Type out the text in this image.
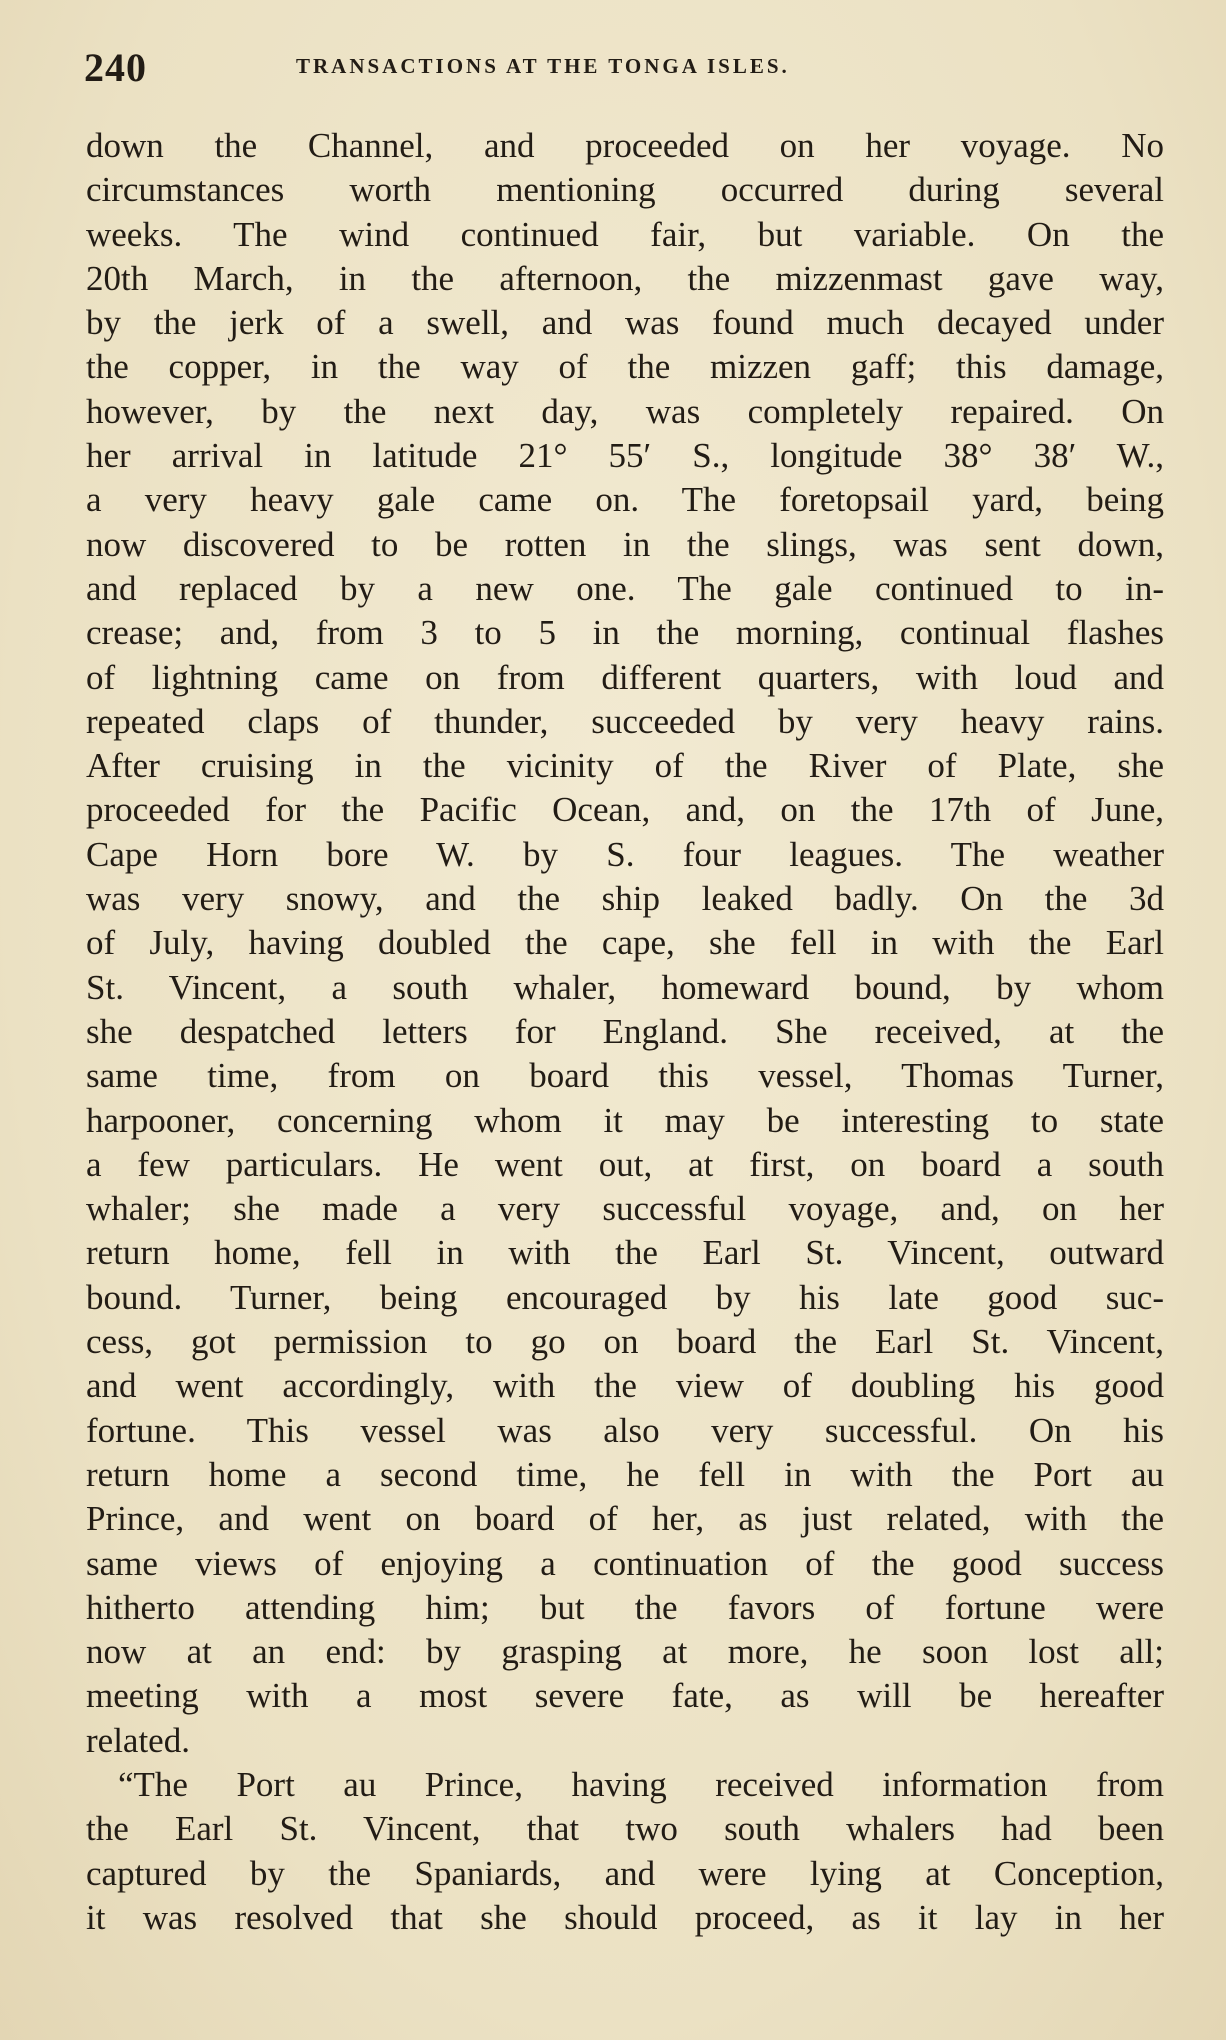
240	TRANSACTIONS AT THE TONGA ISLES.
down the Channel, and proceeded on her voyage. No
circumstances worth mentioning occurred during several
weeks. The wind continued fair, but variable. On the
20th March, in the afternoon, the mizzenmast gave way,
by the jerk of a swell, and was found much decayed under
the copper, in the way of the mizzen gaff; this damage,
however, by the next day, was completely repaired. On
her arrival in latitude 21° 55′ S., longitude 38° 38′ W.,
a very heavy gale came on. The foretopsail yard, being
now discovered to be rotten in the slings, was sent down,
and replaced by a new one. The gale continued to in-
crease; and, from 3 to 5 in the morning, continual flashes
of lightning came on from different quarters, with loud and
repeated claps of thunder, succeeded by very heavy rains.
After cruising in the vicinity of the River of Plate, she
proceeded for the Pacific Ocean, and, on the 17th of June,
Cape Horn bore W. by S. four leagues. The weather
was very snowy, and the ship leaked badly. On the 3d
of July, having doubled the cape, she fell in with the Earl
St. Vincent, a south whaler, homeward bound, by whom
she despatched letters for England. She received, at the
same time, from on board this vessel, Thomas Turner,
harpooner, concerning whom it may be interesting to state
a few particulars. He went out, at first, on board a south
whaler; she made a very successful voyage, and, on her
return home, fell in with the Earl St. Vincent, outward
bound. Turner, being encouraged by his late good suc-
cess, got permission to go on board the Earl St. Vincent,
and went accordingly, with the view of doubling his good
fortune. This vessel was also very successful. On his
return home a second time, he fell in with the Port au
Prince, and went on board of her, as just related, with the
same views of enjoying a continuation of the good success
hitherto attending him; but the favors of fortune were
now at an end: by grasping at more, he soon lost all;
meeting with a most severe fate, as will be hereafter
related.
“The Port au Prince, having received information from
the Earl St. Vincent, that two south whalers had been
captured by the Spaniards, and were lying at Conception,
it was resolved that she should proceed, as it lay in her
